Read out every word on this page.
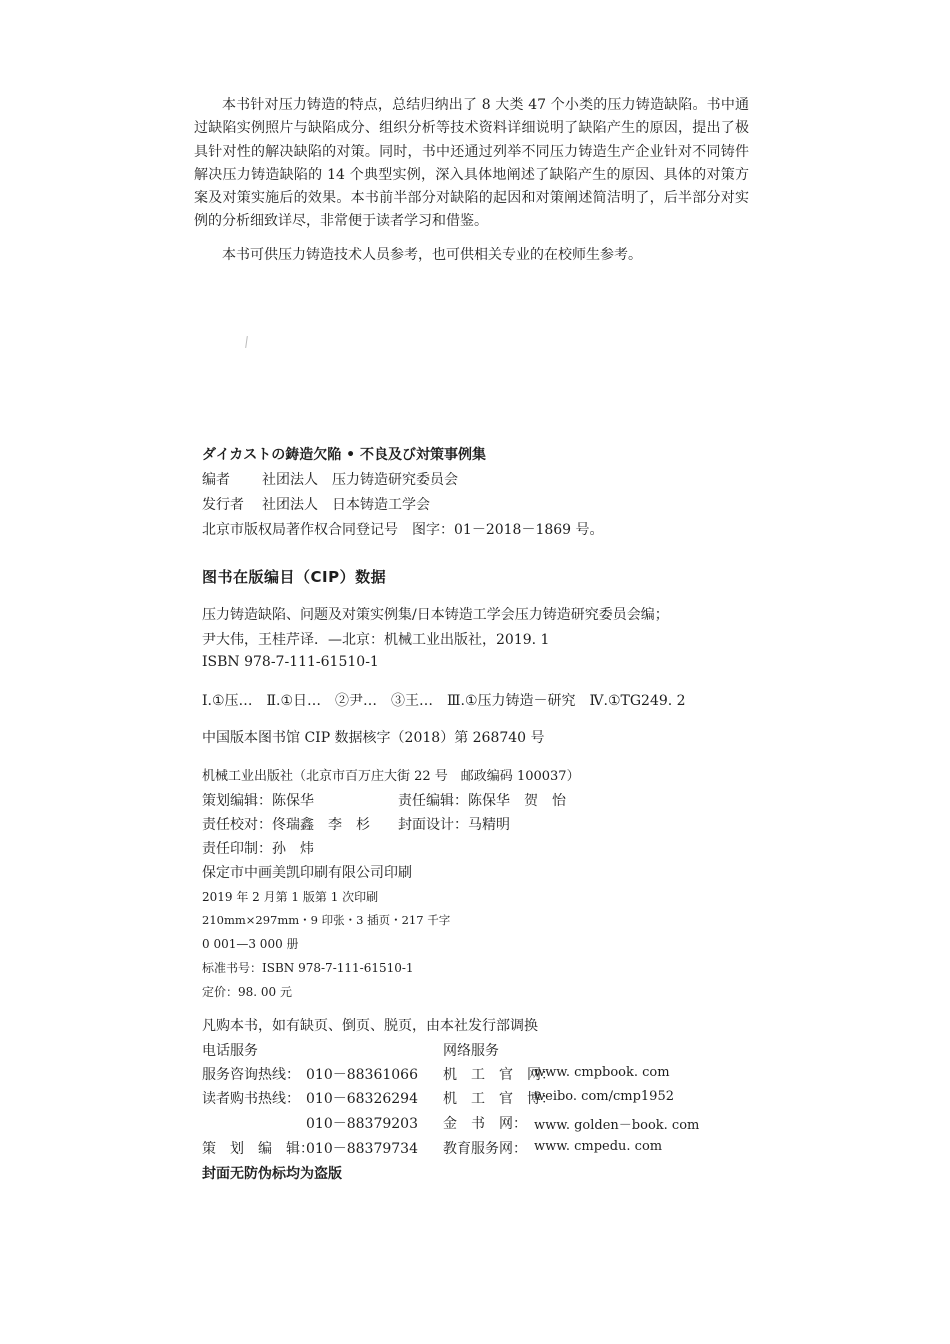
本书针对压力铸造的特点，总结归纳出了 8 大类 47 个小类的压力铸造缺陷。书中通过缺陷实例照片与缺陷成分、组织分析等技术资料详细说明了缺陷产生的原因，提出了极具针对性的解决缺陷的对策。同时，书中还通过列举不同压力铸造生产企业针对不同铸件解决压力铸造缺陷的 14 个典型实例，深入具体地阐述了缺陷产生的原因、具体的对策方案及对策实施后的效果。本书前半部分对缺陷的起因和对策阐述简洁明了，后半部分对实例的分析细致详尽，非常便于读者学习和借鉴。

本书可供压力铸造技术人员参考，也可供相关专业的在校师生参考。

ダイカストの鋳造欠陥 • 不良及び対策事例集
编者 社团法人　压力铸造研究委员会
发行者 社团法人　日本铸造工学会
北京市版权局著作权合同登记号　图字：01－2018－1869 号。
图书在版编目（CIP）数据
压力铸造缺陷、问题及对策实例集/日本铸造工学会压力铸造研究委员会编；
尹大伟，王桂芹译．—北京：机械工业出版社，2019. 1
ISBN 978-7-111-61510-1
Ⅰ.①压…　Ⅱ.①日…　②尹…　③王…　Ⅲ.①压力铸造－研究　Ⅳ.①TG249. 2
中国版本图书馆 CIP 数据核字（2018）第 268740 号
机械工业出版社（北京市百万庄大街 22 号　邮政编码 100037）
策划编辑：陈保华	责任编辑：陈保华　贺　怡
责任校对：佟瑞鑫　李　杉 封面设计：马精明
责任印制：孙　炜
保定市中画美凯印刷有限公司印刷
2019 年 2 月第 1 版第 1 次印刷
210mm×297mm・9 印张・3 插页・217 千字
0 001—3 000 册
标准书号：ISBN 978-7-111-61510-1
定价：98. 00 元
凡购本书，如有缺页、倒页、脱页，由本社发行部调换
电话服务	网络服务
服务咨询热线： 010－88361066 机　工　官　网：
www. cmpbook. com
读者购书热线： 010－68326294 机　工　官　博：
weibo. com/cmp1952
010－88379203 金　书　网： www. golden－book. com
策　划　编　辑：
010－88379734 教育服务网： www. cmpedu. com
封面无防伪标均为盗版
